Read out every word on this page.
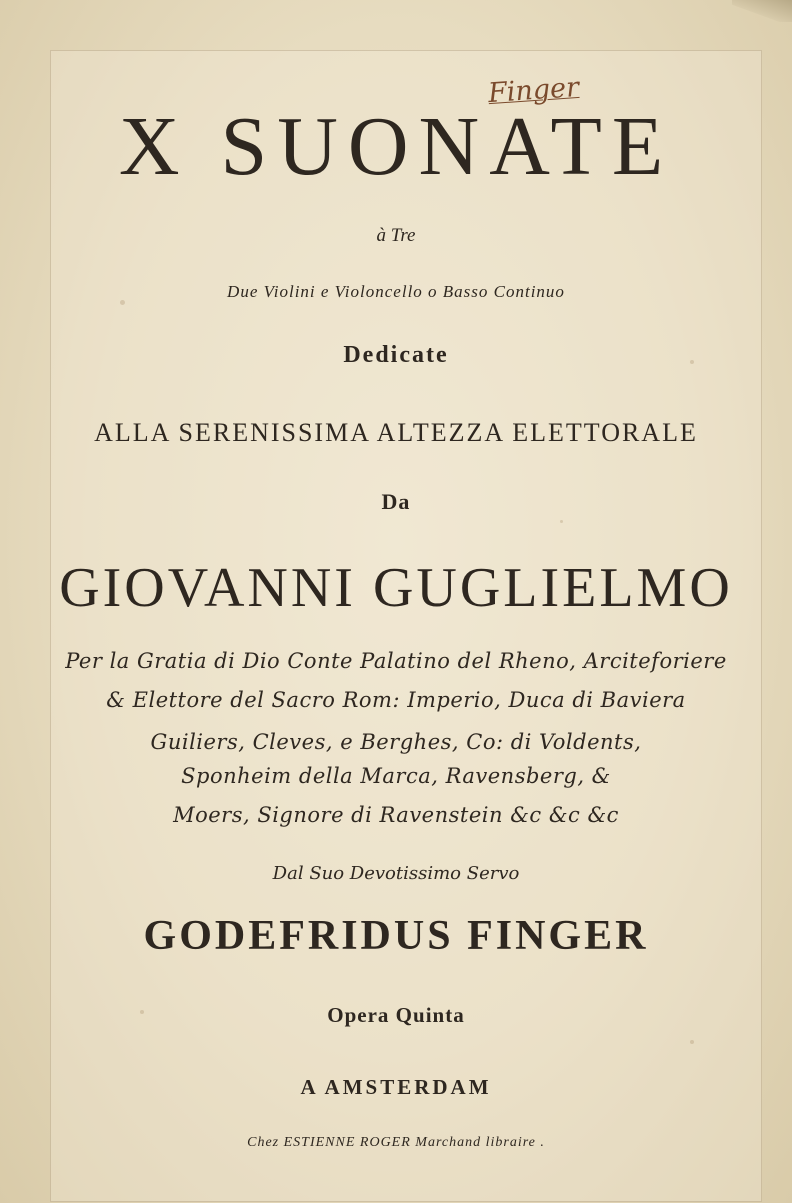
Finger
X SUONATE
à Tre
Due Violini e Violoncello o Basso Continuo
Dedicate
ALLA SERENISSIMA ALTEZZA ELETTORALE
Da
GIOVANNI GUGLIELMO
Per la Gratia di Dio Conte Palatino del Rheno, Arciteforiere
& Elettore del Sacro Rom: Imperio, Duca di Baviera
Guiliers, Cleves, e Berghes, Co: di Voldents,
Sponheim della Marca, Ravensberg, &
Moers, Signore di Ravenstein &c &c &c
Dal Suo Devotissimo Servo
GODEFRIDUS FINGER
Opera Quinta
A AMSTERDAM
Chez ESTIENNE ROGER Marchand libraire .
